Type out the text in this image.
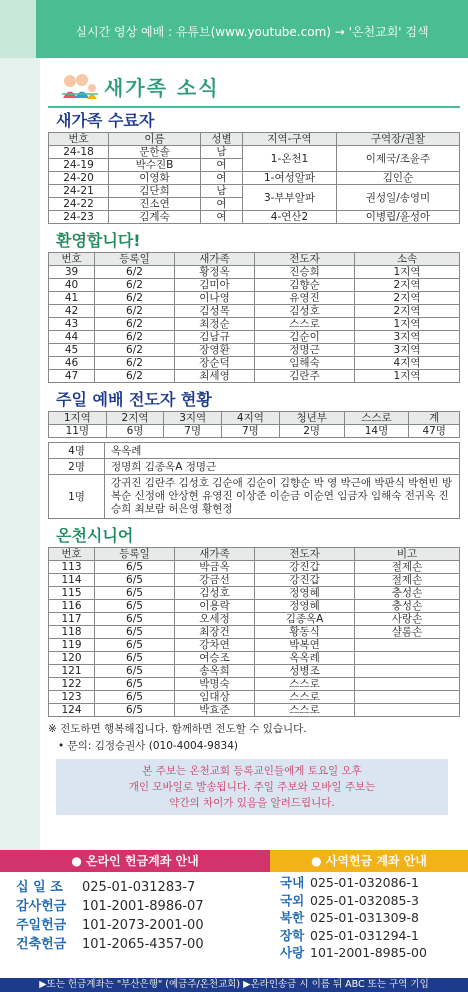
실시간 영상 예배 : 유튜브(www.youtube.com) → '온천교회' 검색
새가족 소식
새가족 수료자
번호	이름	성별	지역-구역	구역장/권찰
24-18	문한솔	남	1-온천1	이제국/조윤주
24-19	박수진B	여		
24-20	이영화	여	1-여성알파	김인순
24-21	김단희	남	3-부부알파	권성일/송영미
24-22	진소연	여		
24-23	김계숙	여	4-연산2	이병립/윤성아
환영합니다!
번호	등록일	새가족	전도자	소속
39	6/2	황정옥	진승희	1지역
40	6/2	김미아	김향순	2지역
41	6/2	이나영	유영진	2지역
42	6/2	김성목	김성호	2지역
43	6/2	최정순	스스로	1지역
44	6/2	김남규	김순이	3지역
45	6/2	장영환	정명근	3지역
46	6/2	장순덕	임해숙	4지역
47	6/2	최세영	김란주	1지역
주일 예배 전도자 현황
1지역	2지역	3지역	4지역	청년부	스스로	계
11명	6명	7명	7명	2명	14명	47명
4명	옥옥례
2명	정명희 김종옥A 정명근
1명	강귀진 김란주 김성호 김순애 김순이 김향순 박 영 박근애 박판식 박현빈 방복순 신정애 안상현 유영진 이상준 이순금 이순연 임금자 임해숙 전귀옥 진승희 최보람 허은영 황현정
온천시니어
번호	등록일	새가족	전도자	비고
113	6/5	박금옥	강진갑	절제손
114	6/5	강금선	강진갑	절제손
115	6/5	김성호	정영혜	충성손
116	6/5	이용락	정영혜	충성손
117	6/5	오세정	김종옥A	사랑손
118	6/5	최장건	황동식	샬롬손
119	6/5	강차연	박복연	
120	6/5	여승조	옥옥례	
121	6/5	송옥희	성병조	
122	6/5	박명숙	스스로	
123	6/5	임대상	스스로	
124	6/5	박효준	스스로	
※ 전도하면 행복해집니다. 함께하면 전도할 수 있습니다.
• 문의: 김정승권사 (010-4004-9834)
본 주보는 온천교회 등록교인들에게 토요일 오후
개인 모바일로 발송됩니다. 주일 주보와 모바일 주보는
약간의 차이가 있음을 알려드립니다.
● 온라인 헌금계좌 안내	● 사역헌금 계좌 안내
십 일 조 025-01-031283-7
감사헌금 101-2001-8986-07
주일헌금 101-2073-2001-00
건축헌금 101-2065-4357-00
국내 025-01-032086-1
국외 025-01-032085-3
북한 025-01-031309-8
장학 025-01-031294-1
사랑 101-2001-8985-00
▶또는 헌금계좌는 "부산은행" (예금주/온천교회) ▶온라인송금 시 이름 뒤 ABC 또는 구역 기입
